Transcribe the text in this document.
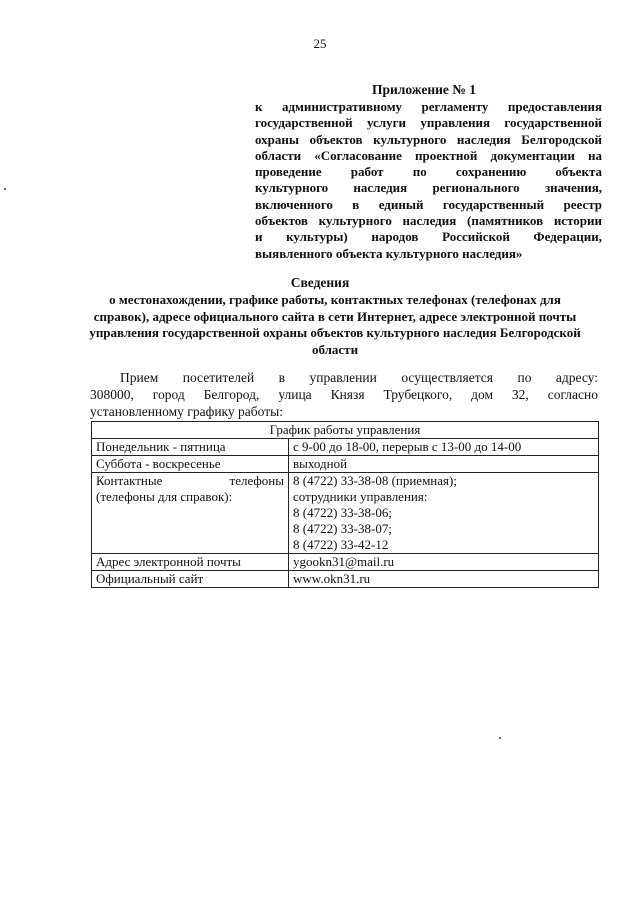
25
Приложение № 1
к административному регламенту предоставления
государственной услуги управления государственной
охраны объектов культурного наследия Белгородской
области «Согласование проектной документации на
проведение работ по сохранению объекта
культурного наследия регионального значения,
включенного в единый государственный реестр
объектов культурного наследия (памятников истории
и культуры) народов Российской Федерации,
выявленного объекта культурного наследия»
Сведения
о местонахождении, графике работы, контактных телефонах (телефонах для справок), адресе официального сайта в сети Интернет, адресе электронной почты управления государственной охраны объектов культурного наследия Белгородской области
Прием посетителей в управлении осуществляется по адресу:
308000, город Белгород, улица Князя Трубецкого, дом 32, согласно
установленному графику работы:
График работы управления	
Понедельник - пятница	с 9-00 до 18-00, перерыв с 13-00 до 14-00
Суббота - воскресенье	выходной

Контактные телефоны
(телефоны для справок):	8 (4722) 33-38-08 (приемная);
сотрудники управления:
8 (4722) 33-38-06;
8 (4722) 33-38-07;
8 (4722) 33-42-12

Адрес электронной почты	ygookn31@mail.ru
Официальный сайт	www.okn31.ru
